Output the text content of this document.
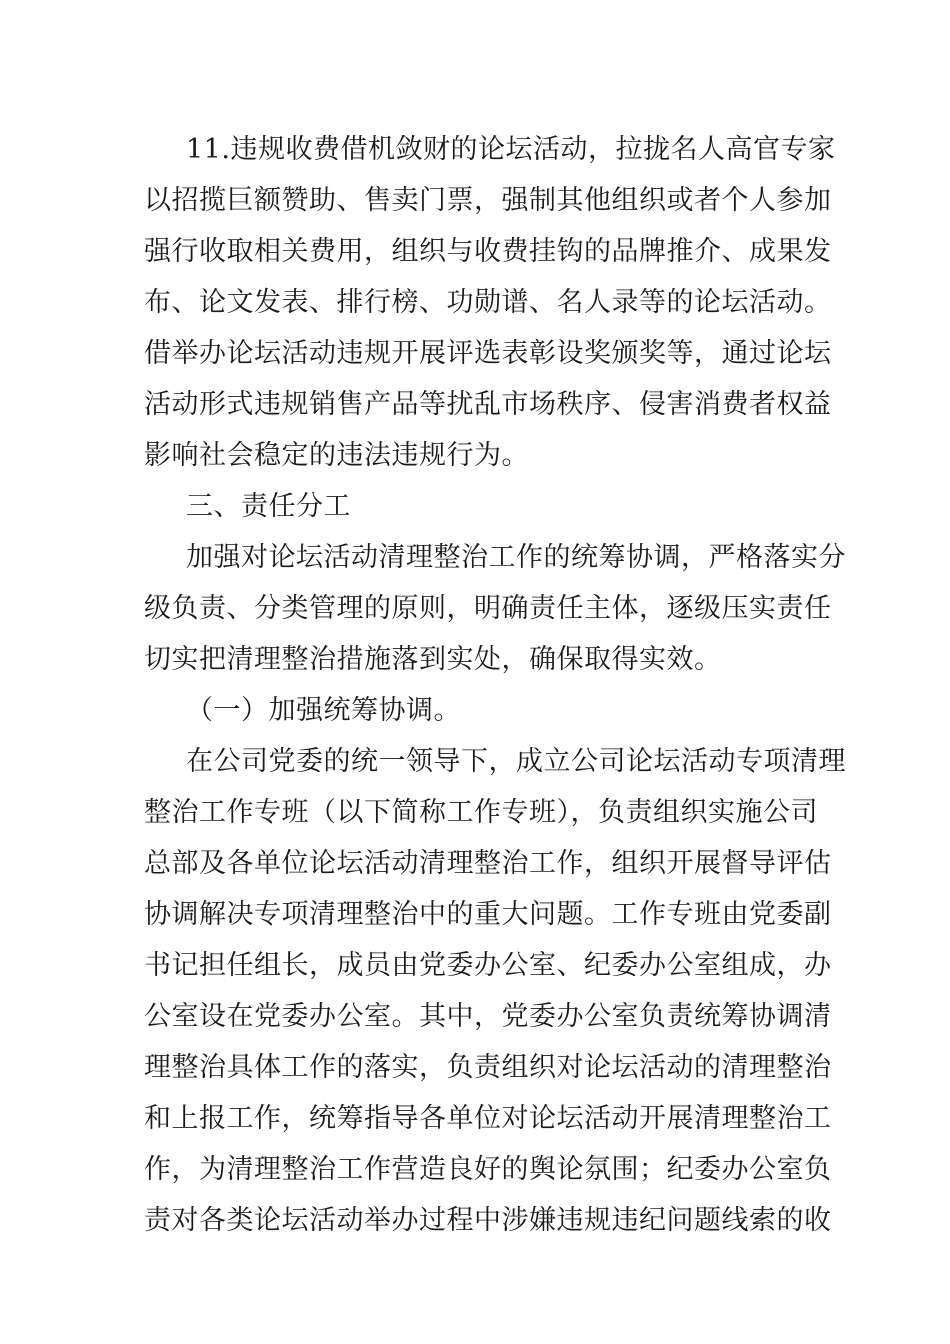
11.违规收费借机敛财的论坛活动，拉拢名人高官专家
以招揽巨额赞助、售卖门票，强制其他组织或者个人参加
强行收取相关费用，组织与收费挂钩的品牌推介、成果发
布、论文发表、排行榜、功勋谱、名人录等的论坛活动。
借举办论坛活动违规开展评选表彰设奖颁奖等，通过论坛
活动形式违规销售产品等扰乱市场秩序、侵害消费者权益
影响社会稳定的违法违规行为。
三、责任分工
加强对论坛活动清理整治工作的统筹协调，严格落实分
级负责、分类管理的原则，明确责任主体，逐级压实责任
切实把清理整治措施落到实处，确保取得实效。
（一）加强统筹协调。
在公司党委的统一领导下，成立公司论坛活动专项清理
整治工作专班（以下简称工作专班），负责组织实施公司
总部及各单位论坛活动清理整治工作，组织开展督导评估
协调解决专项清理整治中的重大问题。工作专班由党委副
书记担任组长，成员由党委办公室、纪委办公室组成，办
公室设在党委办公室。其中，党委办公室负责统筹协调清
理整治具体工作的落实，负责组织对论坛活动的清理整治
和上报工作，统筹指导各单位对论坛活动开展清理整治工
作，为清理整治工作营造良好的舆论氛围；纪委办公室负
责对各类论坛活动举办过程中涉嫌违规违纪问题线索的收
